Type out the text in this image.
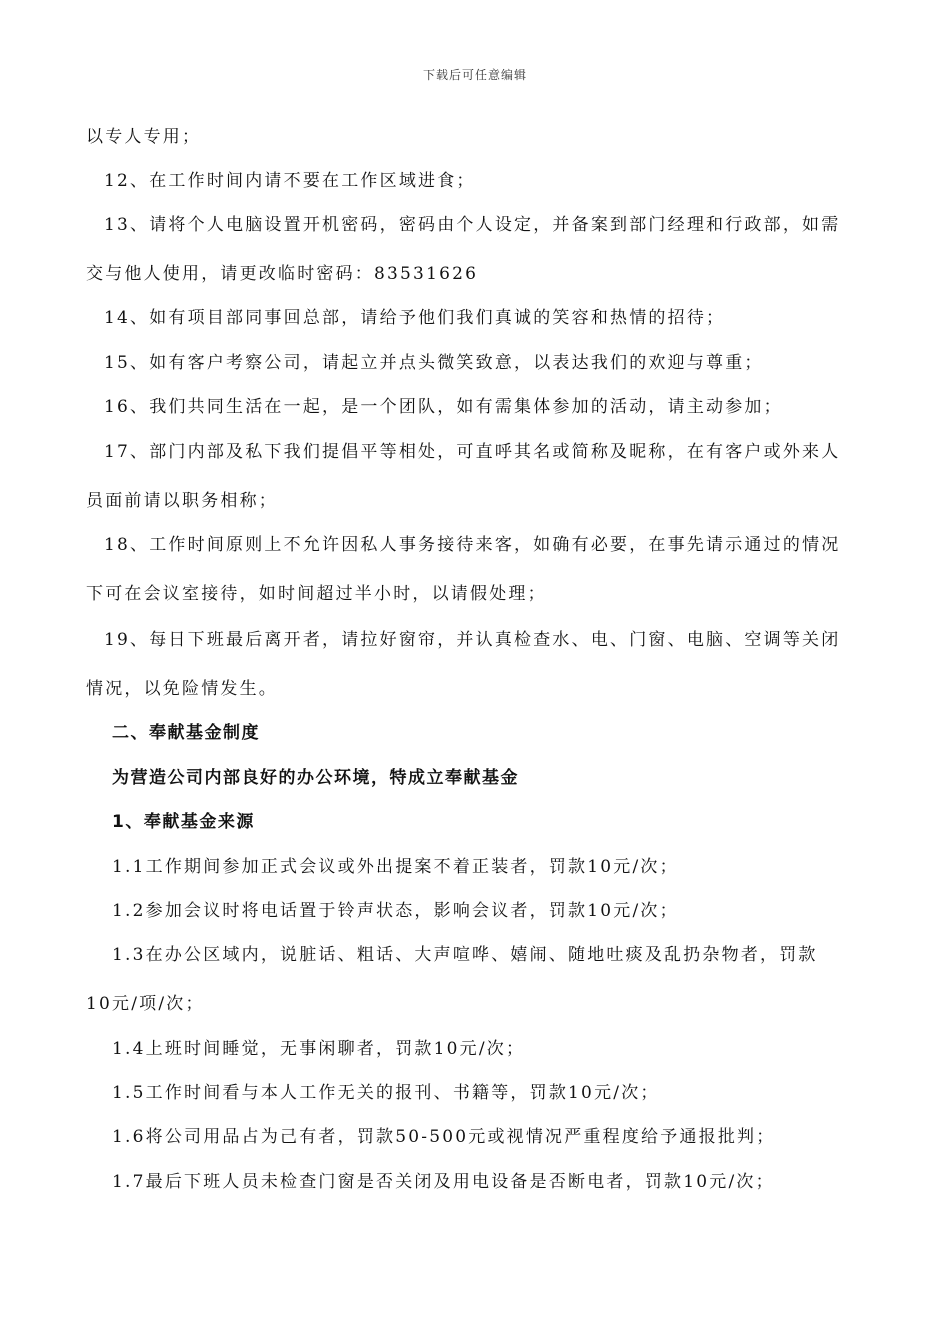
下载后可任意编辑
以专人专用；
12、在工作时间内请不要在工作区域进食；
13、请将个人电脑设置开机密码，密码由个人设定，并备案到部门经理和行政部，如需
交与他人使用，请更改临时密码：83531626
14、如有项目部同事回总部，请给予他们我们真诚的笑容和热情的招待；
15、如有客户考察公司，请起立并点头微笑致意，以表达我们的欢迎与尊重；
16、我们共同生活在一起，是一个团队，如有需集体参加的活动，请主动参加；
17、部门内部及私下我们提倡平等相处，可直呼其名或简称及昵称，在有客户或外来人
员面前请以职务相称；
18、工作时间原则上不允许因私人事务接待来客，如确有必要，在事先请示通过的情况
下可在会议室接待，如时间超过半小时，以请假处理；
19、每日下班最后离开者，请拉好窗帘，并认真检查水、电、门窗、电脑、空调等关闭
情况，以免险情发生。
二、奉献基金制度
为营造公司内部良好的办公环境，特成立奉献基金
1、奉献基金来源
1.1工作期间参加正式会议或外出提案不着正装者，罚款10元/次；
1.2参加会议时将电话置于铃声状态，影响会议者，罚款10元/次；
1.3在办公区域内，说脏话、粗话、大声喧哗、嬉闹、随地吐痰及乱扔杂物者，罚款
10元/项/次；
1.4上班时间睡觉，无事闲聊者，罚款10元/次；
1.5工作时间看与本人工作无关的报刊、书籍等，罚款10元/次；
1.6将公司用品占为己有者，罚款50-500元或视情况严重程度给予通报批判；
1.7最后下班人员未检查门窗是否关闭及用电设备是否断电者，罚款10元/次；
